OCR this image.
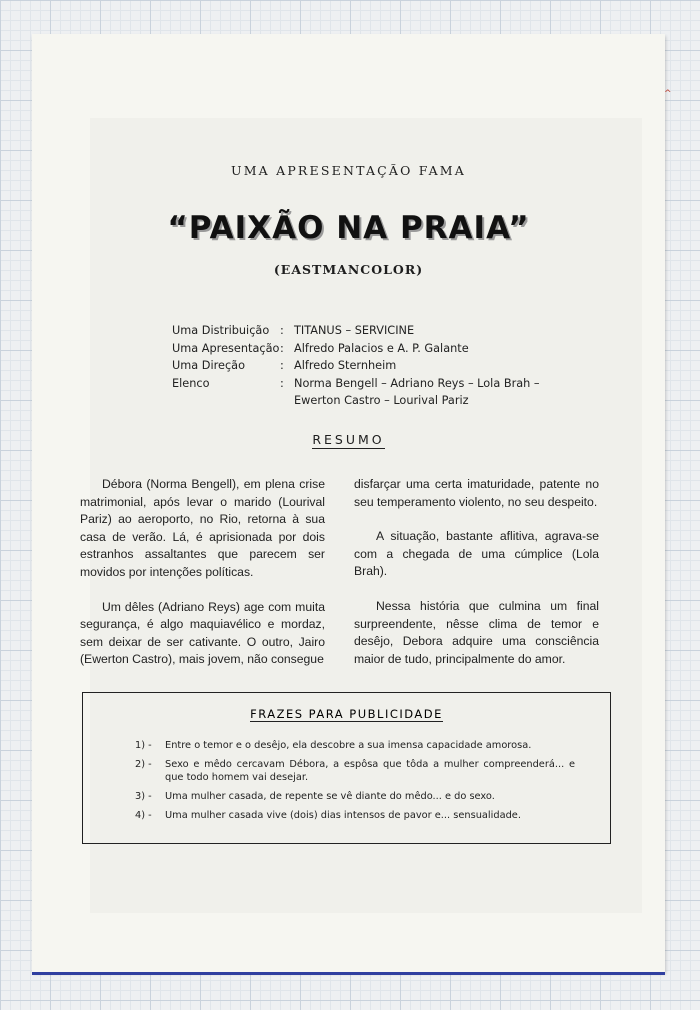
^

UMA APRESENTAÇÃO FAMA

“PAIXÃO NA PRAIA”

(EASTMANCOLOR)

Uma Distribuição : TITANUS – SERVICINE
Uma Apresentação : Alfredo Palacios e A. P. Galante
Uma Direção	: Alfredo Sternheim
Elenco	: Norma Bengell – Adriano Reys – Lola Brah – Ewerton Castro – Lourival Pariz

RESUMO

Débora (Norma Bengell), em plena crise matrimonial, após levar o marido (Lourival Pariz) ao aeroporto, no Rio, retorna à sua casa de verão. Lá, é aprisionada por dois estranhos assaltantes que parecem ser movidos por intenções políticas.

Um dêles (Adriano Reys) age com muita segurança, é algo maquiavélico e mordaz, sem deixar de ser cativante. O outro, Jairo (Ewerton Castro), mais jovem, não consegue

disfarçar uma certa imaturidade, patente no seu temperamento violento, no seu despeito.

A situação, bastante aflitiva, agrava-se com a chegada de uma cúmplice (Lola Brah).

Nessa história que culmina um final surpreendente, nêsse clima de temor e desêjo, Debora adquire uma consciência maior de tudo, principalmente do amor.

FRAZES PARA PUBLICIDADE
1) -	Entre o temor e o desêjo, ela descobre a sua imensa capacidade amorosa.
2) -	Sexo e mêdo cercavam Débora, a espôsa que tôda a mulher compreenderá... e que todo homem vai desejar.
3) -	Uma mulher casada, de repente se vê diante do mêdo... e do sexo.
4) -	Uma mulher casada vive (dois) dias intensos de pavor e... sensualidade.
